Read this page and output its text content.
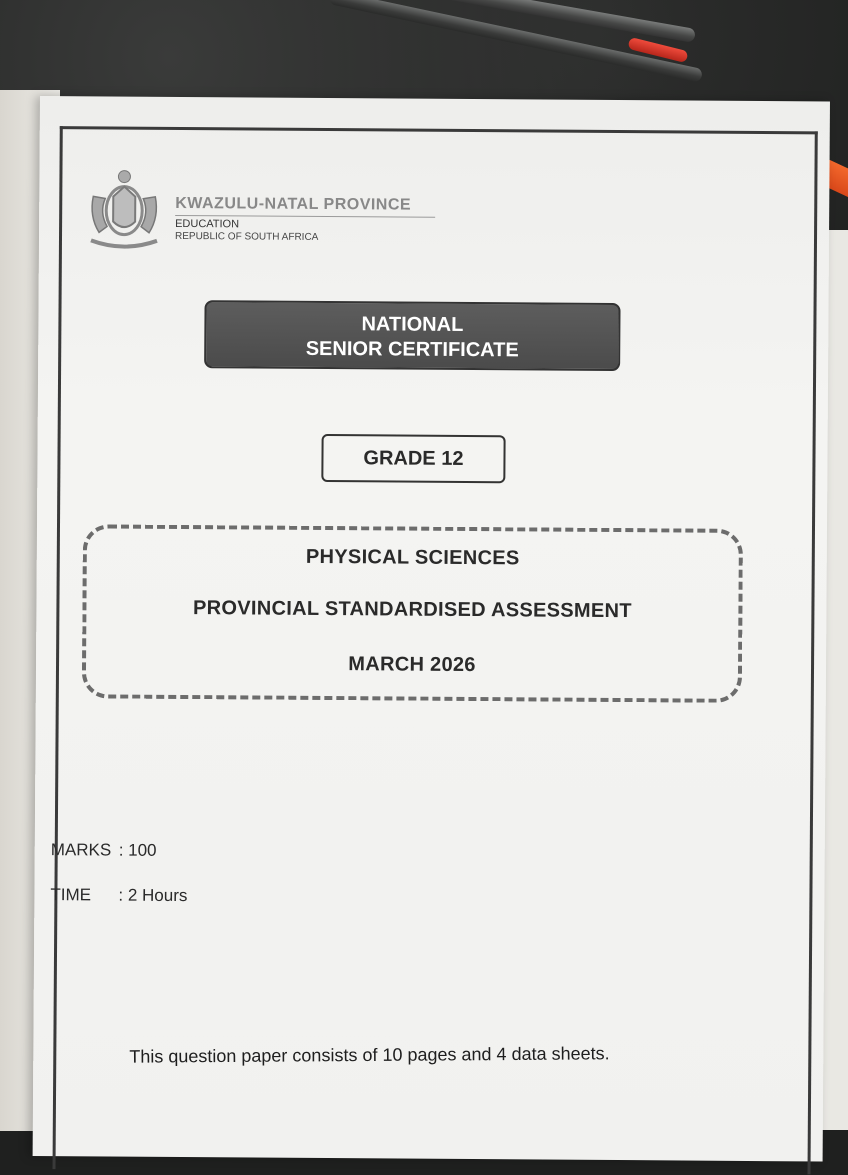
KWAZULU-NATAL PROVINCE
EDUCATION
REPUBLIC OF SOUTH AFRICA
NATIONAL
SENIOR CERTIFICATE
GRADE 12
PHYSICAL SCIENCES
PROVINCIAL STANDARDISED ASSESSMENT
MARCH 2026
MARKS : 100
TIME : 2 Hours
This question paper consists of 10 pages and 4 data sheets.
